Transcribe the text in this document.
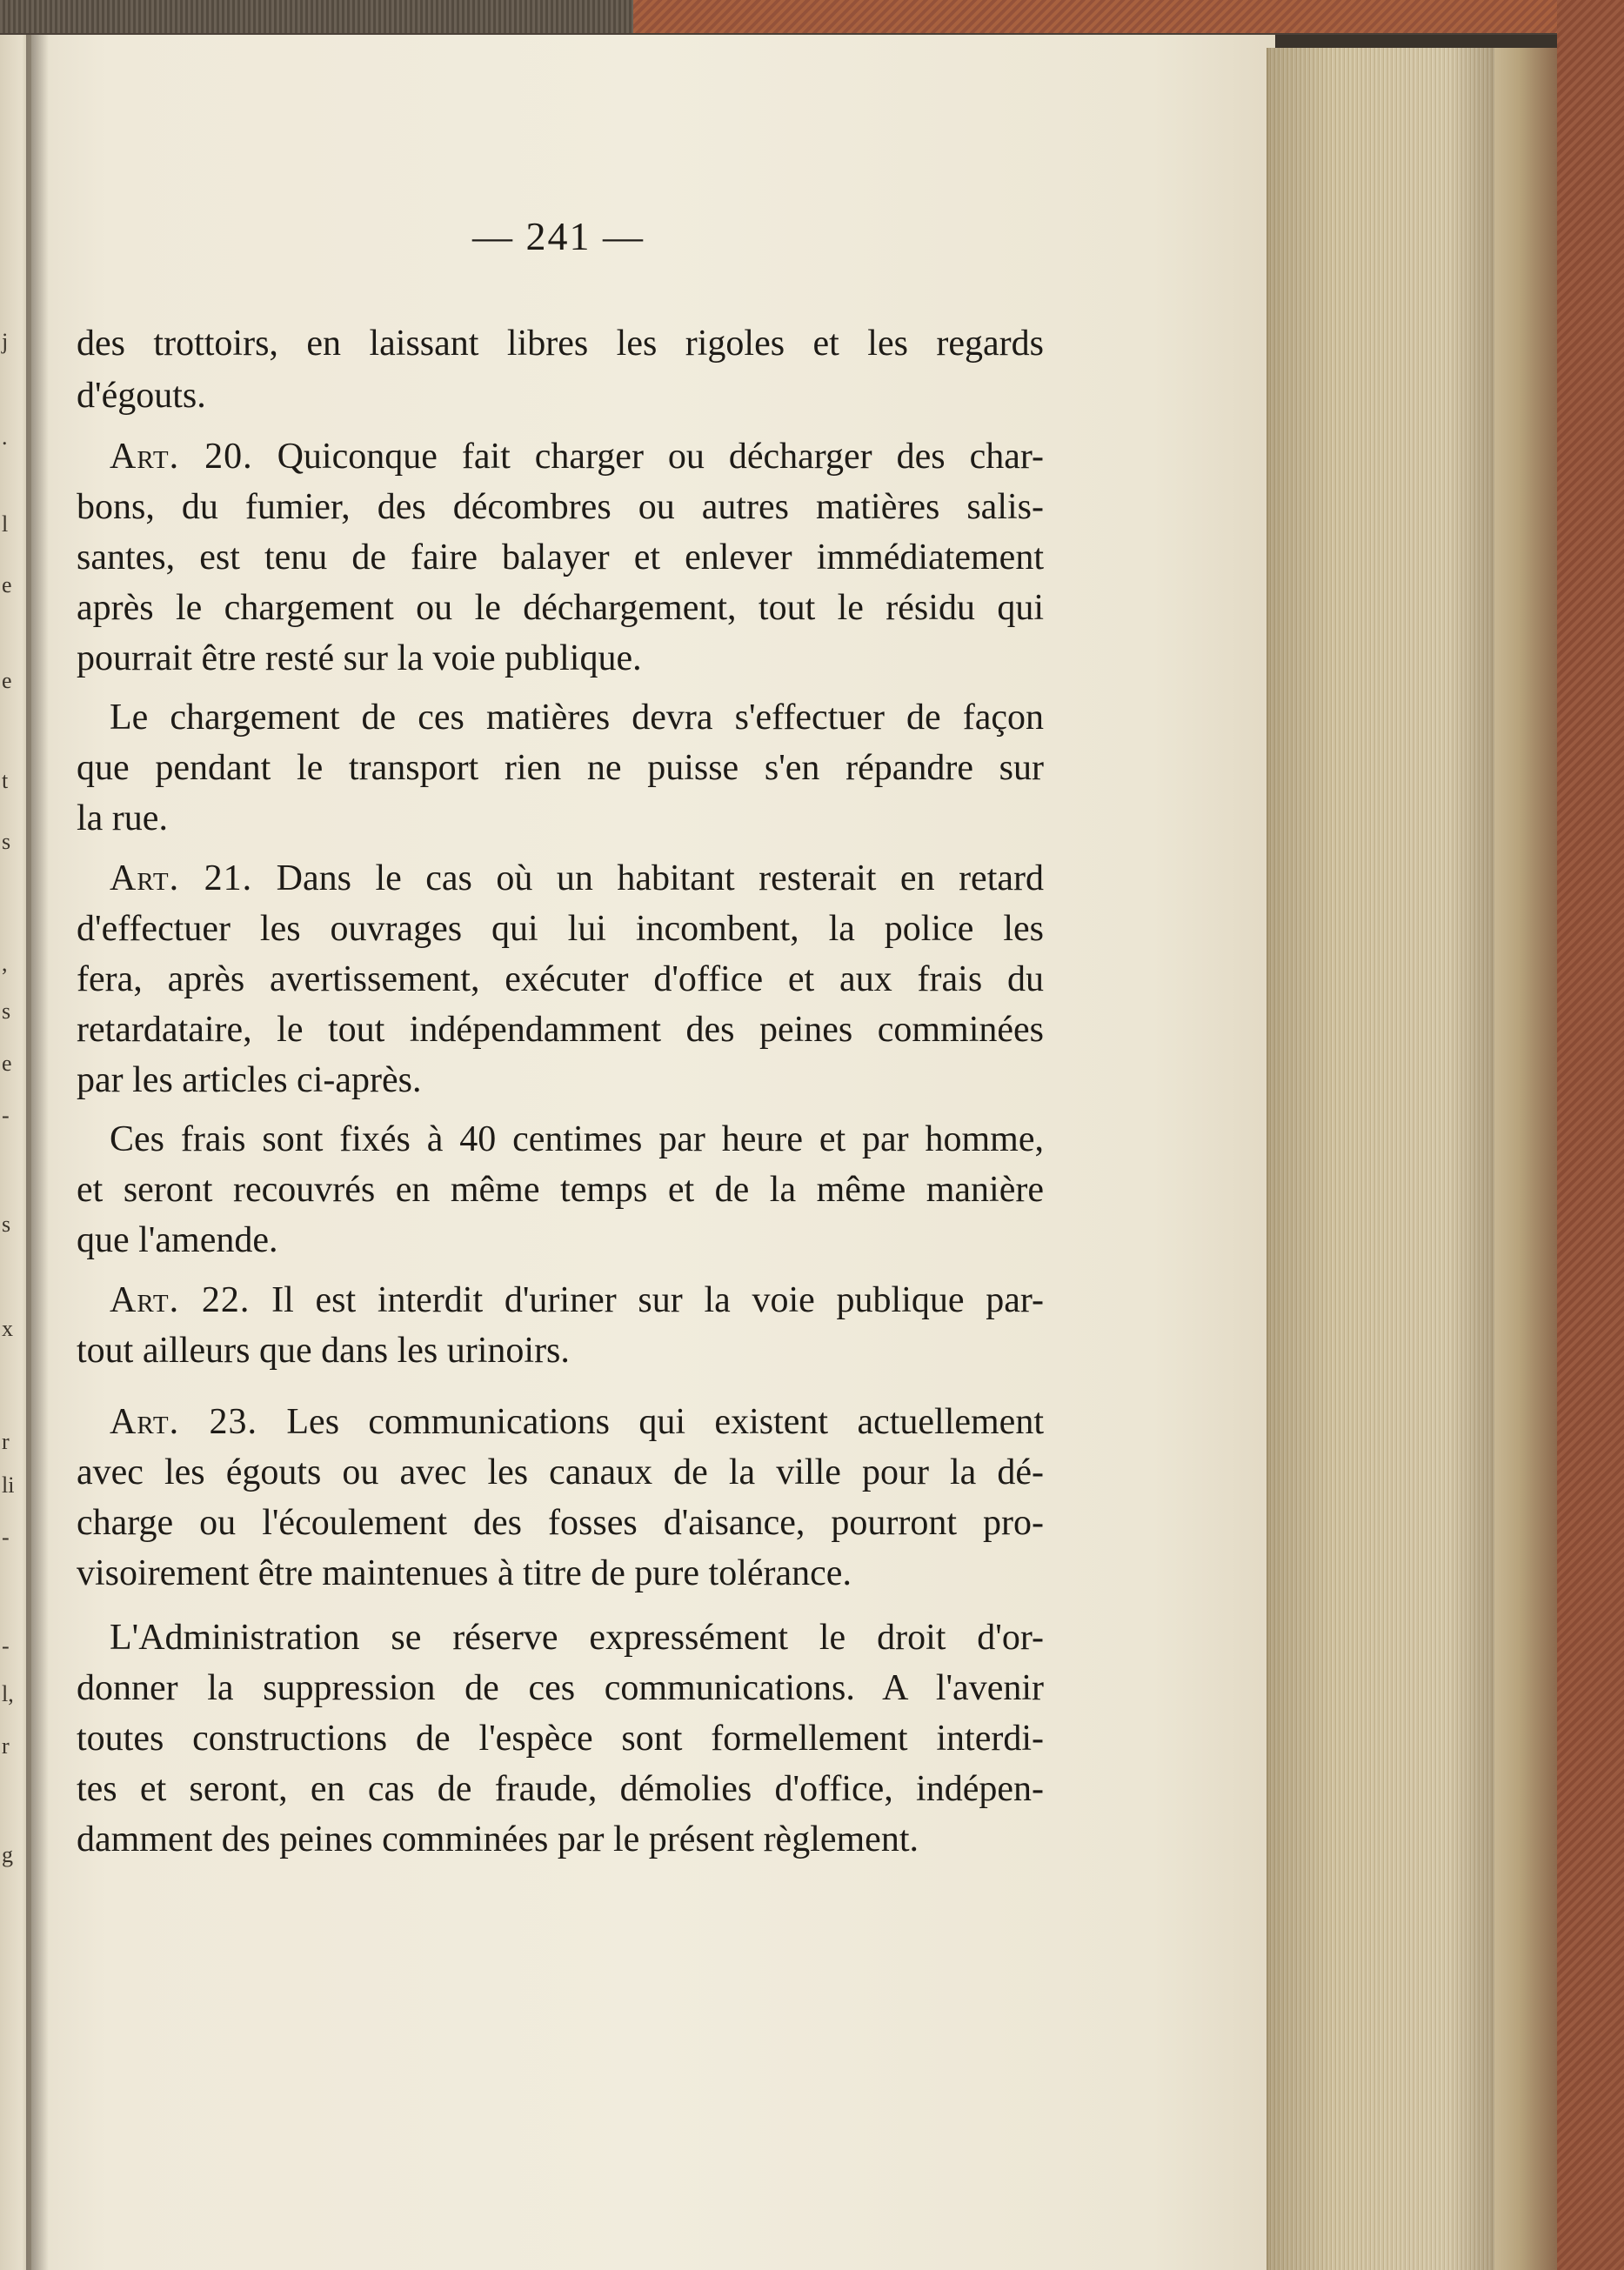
j
.
l
e
e
t
s
,
s
e
-
s
x
r
li
-
-
l,
r
g
— 241 —
des trottoirs, en laissant libres les rigoles et les regards
d'égouts.
Art. 20. Quiconque fait charger ou décharger des char-
bons, du fumier, des décombres ou autres matières salis-
santes, est tenu de faire balayer et enlever immédiatement
après le chargement ou le déchargement, tout le résidu qui
pourrait être resté sur la voie publique.
Le chargement de ces matières devra s'effectuer de façon
que pendant le transport rien ne puisse s'en répandre sur
la rue.
Art. 21. Dans le cas où un habitant resterait en retard
d'effectuer les ouvrages qui lui incombent, la police les
fera, après avertissement, exécuter d'office et aux frais du
retardataire, le tout indépendamment des peines comminées
par les articles ci-après.
Ces frais sont fixés à 40 centimes par heure et par homme,
et seront recouvrés en même temps et de la même manière
que l'amende.
Art. 22. Il est interdit d'uriner sur la voie publique par-
tout ailleurs que dans les urinoirs.
Art. 23. Les communications qui existent actuellement
avec les égouts ou avec les canaux de la ville pour la dé-
charge ou l'écoulement des fosses d'aisance, pourront pro-
visoirement être maintenues à titre de pure tolérance.
L'Administration se réserve expressément le droit d'or-
donner la suppression de ces communications. A l'avenir
toutes constructions de l'espèce sont formellement interdi-
tes et seront, en cas de fraude, démolies d'office, indépen-
damment des peines comminées par le présent règlement.
